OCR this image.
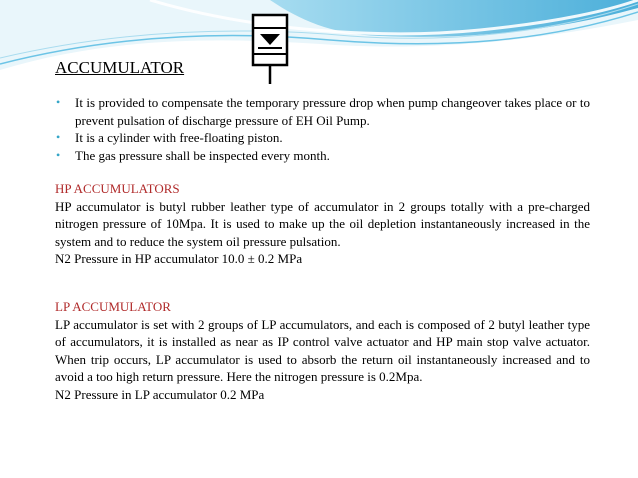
ACCUMULATOR
• It is provided to compensate the temporary pressure drop when pump changeover takes place or to prevent pulsation of discharge pressure of EH Oil Pump.
• It is a cylinder with free-floating piston.
• The gas pressure shall be inspected every month.

HP ACCUMULATORS

HP accumulator is butyl rubber leather type of accumulator in 2 groups totally with a pre-charged nitrogen pressure of 10Mpa. It is used to make up the oil depletion instantaneously increased in the system and to reduce the system oil pressure pulsation.

N2 Pressure in HP accumulator 10.0 ± 0.2 MPa

LP ACCUMULATOR

LP accumulator is set with 2 groups of LP accumulators, and each is composed of 2 butyl leather type of accumulators, it is installed as near as IP control valve actuator and HP main stop valve actuator. When trip occurs, LP accumulator is used to absorb the return oil instantaneously increased and to avoid a too high return pressure. Here the nitrogen pressure is 0.2Mpa.

N2 Pressure in LP accumulator 0.2 MPa
